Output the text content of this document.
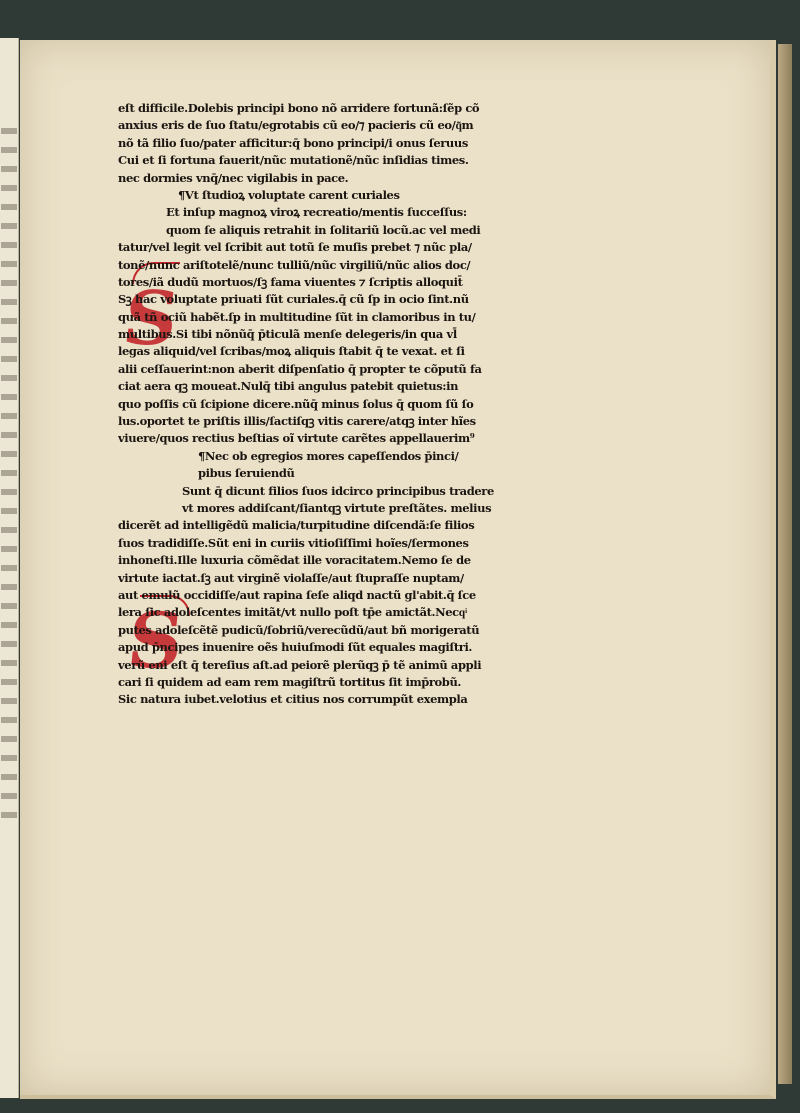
S
S
eſt difficile.Dolebis principi bono nõ arridere fortunã:ſẽp cõ
anxius eris de ſuo ſtatu/egrotabis cũ eo/⁊ pacieris cũ eo/q͂m
nõ tã filio ſuo/pater afficitur:q̄ bono principi/i onus ſeruus
Cui et ſi fortuna fauerit/nũc mutationẽ/nũc inſidias times.
nec dormies vnq̄/nec vigilabis in pace.
¶Vt ſtudioꝝ voluptate carent curiales
Et inſup magnoꝝ viroꝝ recreatio/mentis ſucceſſus:
quom ſe aliquis retrahit in ſolitariũ locũ.ac vel medi
tatur/vel legit vel ſcribit aut totũ ſe muſis prebet ⁊ nũc pla/
tonẽ/nunc ariſtotelẽ/nunc tulliũ/nũc virgiliũ/nũc alios doc/
tores/iã dudũ mortuos/ſꝫ fama viuentes ⁊ ſcriptis alloquit̄
Sꝫ hac voluptate priuati ſũt curiales.q̄ cũ ſp in ocio ſint.nũ
quã tñ ociũ habẽt.ſp in multitudine ſũt in clamoribus in tu/
multibus.Si tibi nõnũq̄ p̄ticulã menſe delegeris/in qua vl̄
legas aliquid/vel ſcribas/moꝝ aliquis ſtabit q̄ te vexat. et ſi
alii ceſſauerint:non aberit diſpenſatio q̄ propter te cõputũ fa
ciat aera qꝫ moueat.Nulq̄ tibi angulus patebit quietus:in
quo poſſis cũ ſcipione dicere.nũq̄ minus ſolus q̄ quom ſũ ſo
lus.oportet te priſtis illis/ſactiſqꝫ vitis carere/atqꝫ inter hĩes
viuere/quos rectius beſtias oĩ virtute carẽtes appellauerim⁹
¶Nec ob egregios mores capeſſendos p̄inci/
pibus ſeruiendũ
Sunt q̄ dicunt filios ſuos idcirco principibus tradere
vt mores addiſcant/ſiantqꝫ virtute preſtãtes. melius
dicerẽt ad intelligẽdũ malicia/turpitudine diſcendã:ſe filios
ſuos tradidiſſe.Sũt eni in curiis vitioſiſſimi hoĩes/ſermones
inhoneſti.Ille luxuria cõmẽdat ille voracitatem.Nemo ſe de
virtute iactat.ſꝫ aut virginẽ violaſſe/aut ſtupraſſe nuptam/
aut emulũ occidiſſe/aut rapina ſeſe aliqd nactũ gl'abit.q̄ ſce
lera ſic adoleſcentes imitãt/vt nullo poſt tp̄e amictãt.Necqͥ
putes adoleſcẽtẽ pudicũ/ſobriũ/verecũdũ/aut bñ morigeratũ
apud p̄ncipes inuenire oẽs huiuſmodi ſũt equales magiſtri.
verũ eni eſt q̄ tereſius aſt.ad peiorẽ plerũqꝫ p̄ tẽ animũ appli
cari ſi quidem ad eam rem magiſtrũ tortitus ſit imp̄robũ.
Sic natura iubet.velotius et citius nos corrumpũt exempla
